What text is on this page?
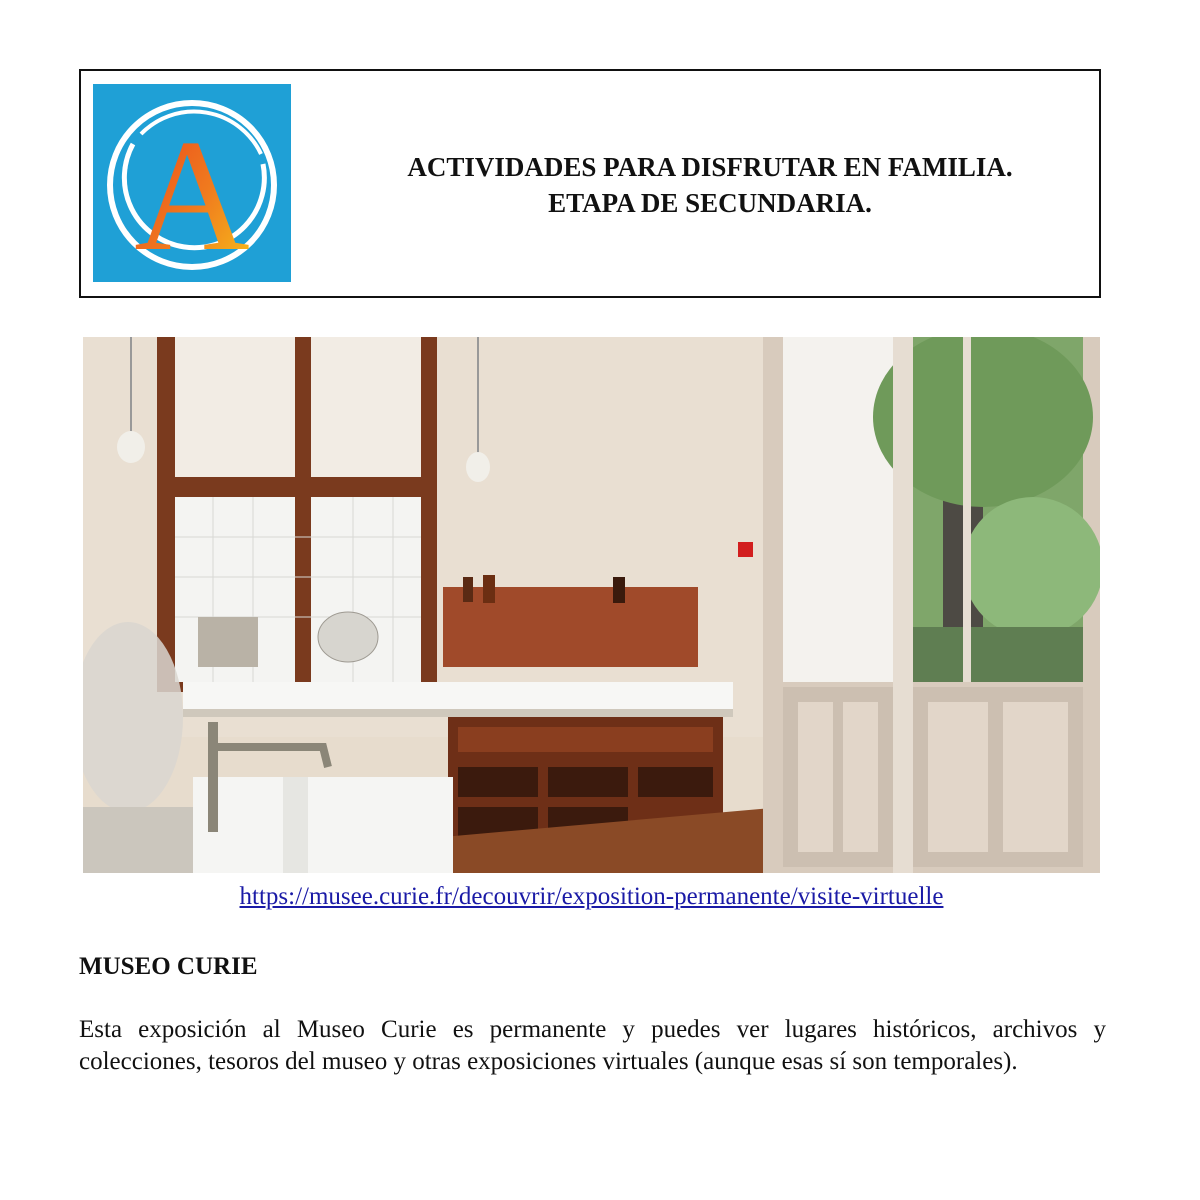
A	ACTIVIDADES PARA DISFRUTAR EN FAMILIA.
ETAPA DE SECUNDARIA.
https://musee.curie.fr/decouvrir/exposition-permanente/visite-virtuelle
MUSEO CURIE
Esta exposición al Museo Curie es permanente y puedes ver lugares históricos, archivos y colecciones, tesoros del museo y otras exposiciones virtuales (aunque esas sí son temporales).
